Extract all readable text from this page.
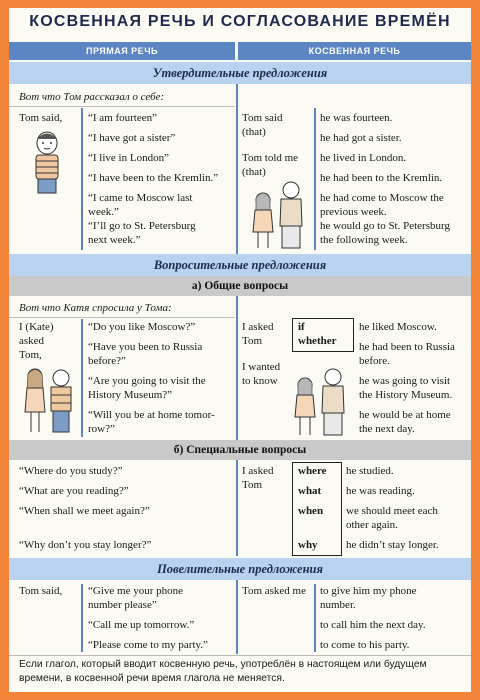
КОСВЕННАЯ РЕЧЬ И СОГЛАСОВАНИЕ ВРЕМЁН
ПРЯМАЯ РЕЧЬ	КОСВЕННАЯ РЕЧЬ
Утвердительные предложения
Вот что Том рассказал о себе:
Tom said, “I am fourteen”
“I have got a sister”
“I live in London”
“I have been to the Kremlin.”
“I came to Moscow last
week.”
“I’ll go to St. Petersburg
next week.”
Tom said
(that)
Tom told me
(that)
he was fourteen.
he had got a sister.
he lived in London.
he had been to the Kremlin.
he had come to Moscow the
previous week.
he would go to St. Petersburg
the following week.
Вопросительные предложения
а) Общие вопросы
Вот что Катя спросила у Тома:
I (Kate)
asked
Tom,
“Do you like Moscow?”
“Have you been to Russia
before?”
“Are you going to visit the
History Museum?”
“Will you be at home tomor-
row?”
I asked
Tom
I wanted
to know
if
whether
he liked Moscow.
he had been to Russia
before.
he was going to visit
the History Museum.
he would be at home
the next day.
б) Специальные вопросы
“Where do you study?”
“What are you reading?”
“When shall we meet again?”
“Why don’t you stay longer?”
I asked
Tom
where
what
when
why
he studied.
he was reading.
we should meet each
other again.
he didn’t stay longer.
Повелительные предложения
Tom said, “Give me your phone
number please”
“Call me up tomorrow.”
“Please come to my party.”
Tom asked me to give him my phone
number.
to call him the next day.
to come to his party.
Если глагол, который вводит косвенную речь, употреблён в настоящем или будущем
времени, в косвенной речи время глагола не меняется.
